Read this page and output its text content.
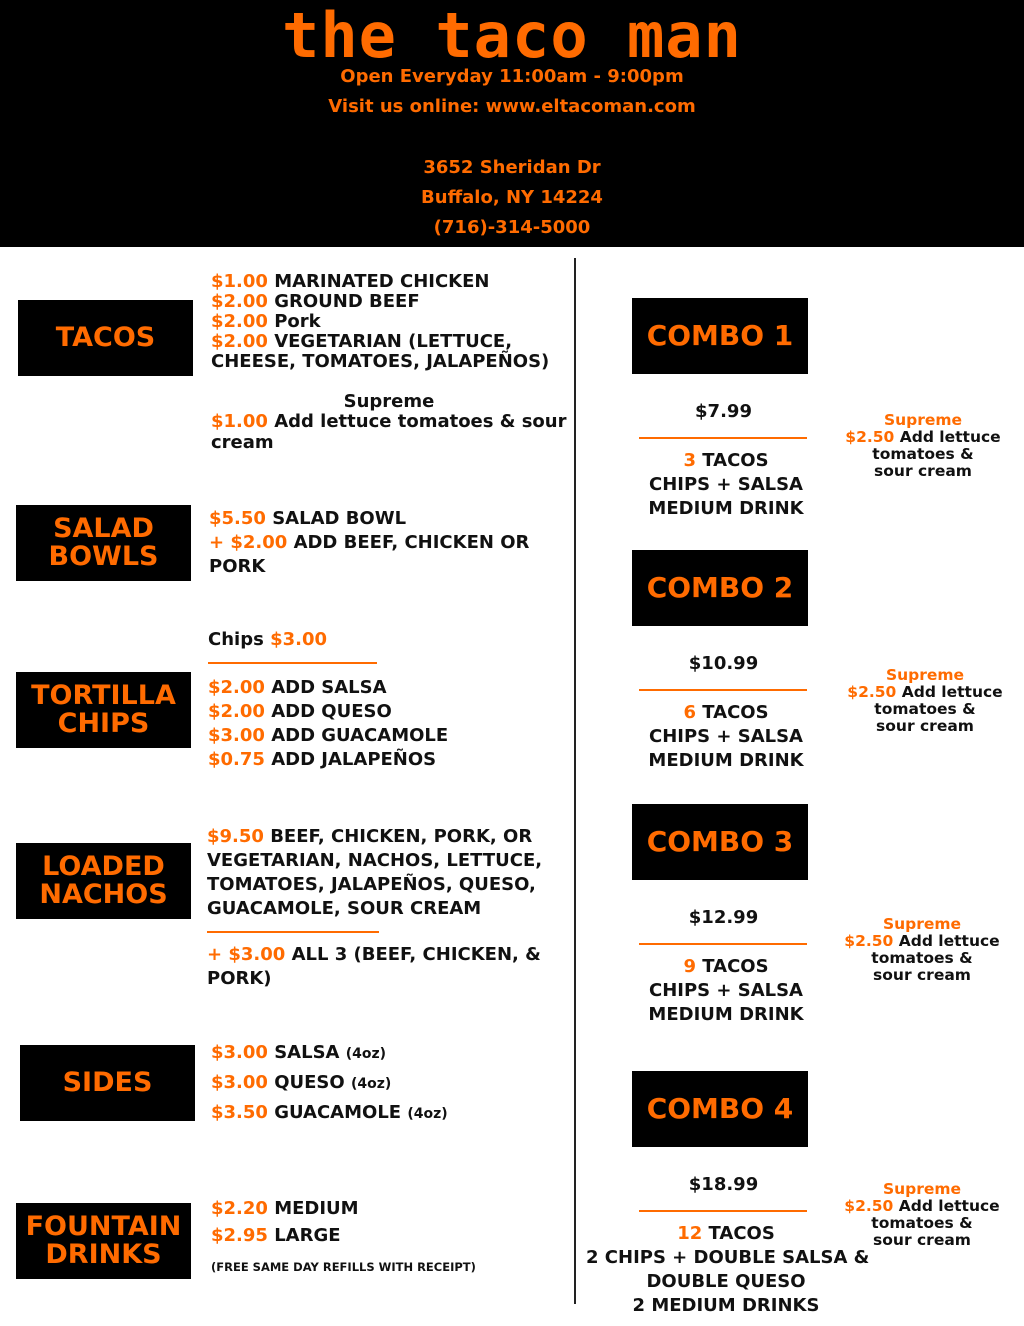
the taco man
Open Everyday 11:00am - 9:00pm
Visit us online: www.eltacoman.com
3652 Sheridan Dr
Buffalo, NY 14224
(716)-314-5000
TACOS
$1.00 MARINATED CHICKEN
$2.00 GROUND BEEF
$2.00 Pork
$2.00 VEGETARIAN (LETTUCE,
CHEESE, TOMATOES, JALAPEÑOS)
Supreme
$1.00 Add lettuce tomatoes & sour
cream
SALAD
BOWLS
$5.50 SALAD BOWL
+ $2.00 ADD BEEF, CHICKEN OR
PORK
TORTILLA
CHIPS
Chips $3.00
$2.00 ADD SALSA
$2.00 ADD QUESO
$3.00 ADD GUACAMOLE
$0.75 ADD JALAPEÑOS
LOADED
NACHOS
$9.50 BEEF, CHICKEN, PORK, OR
VEGETARIAN, NACHOS, LETTUCE,
TOMATOES, JALAPEÑOS, QUESO,
GUACAMOLE, SOUR CREAM
+ $3.00 ALL 3 (BEEF, CHICKEN, &
PORK)
SIDES
$3.00 SALSA (4oz)
$3.00 QUESO (4oz)
$3.50 GUACAMOLE (4oz)
FOUNTAIN
DRINKS
$2.20 MEDIUM
$2.95 LARGE
(FREE SAME DAY REFILLS WITH RECEIPT)
COMBO 1
$7.99
3 TACOS
CHIPS + SALSA
MEDIUM DRINK
Supreme
$2.50 Add lettuce
tomatoes &
sour cream
COMBO 2
$10.99
6 TACOS
CHIPS + SALSA
MEDIUM DRINK
Supreme
$2.50 Add lettuce
tomatoes &
sour cream
COMBO 3
$12.99
9 TACOS
CHIPS + SALSA
MEDIUM DRINK
Supreme
$2.50 Add lettuce
tomatoes &
sour cream
COMBO 4
$18.99
12 TACOS
2 CHIPS + DOUBLE SALSA &
DOUBLE QUESO
2 MEDIUM DRINKS
Supreme
$2.50 Add lettuce
tomatoes &
sour cream
